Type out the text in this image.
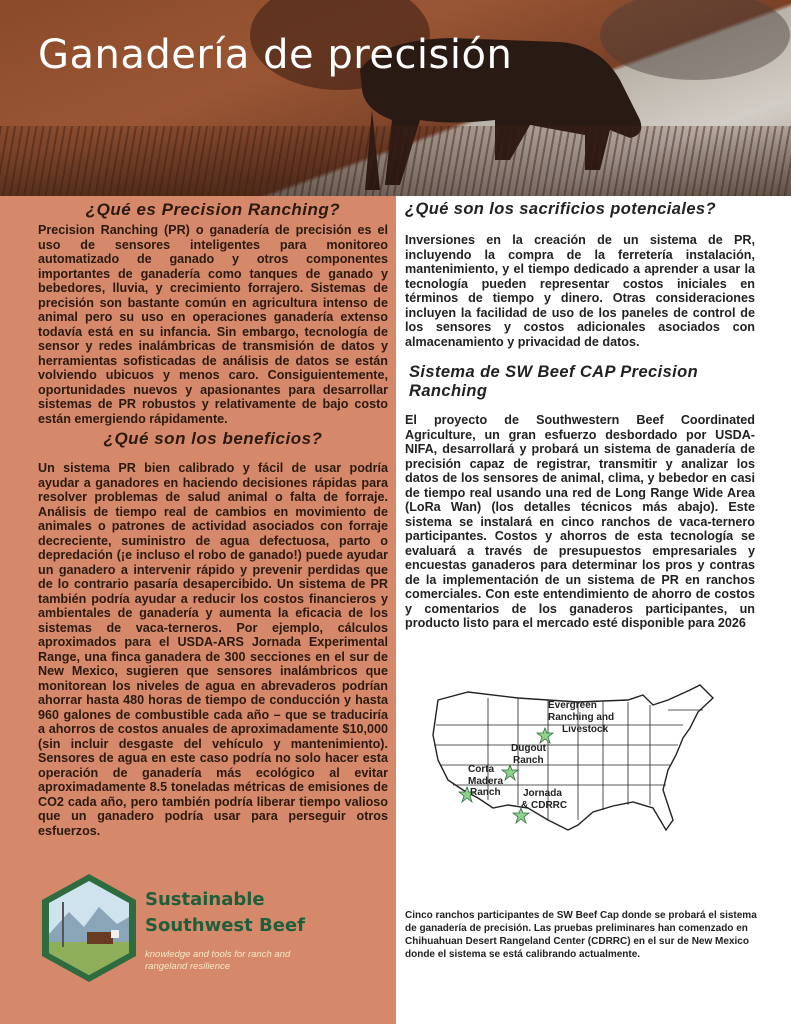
Ganadería de precisión
¿Qué es Precision Ranching?

Precision Ranching (PR) o ganadería de precisión es el uso de sensores inteligentes para monitoreo automatizado de ganado y otros componentes importantes de ganadería como tanques de ganado y bebedores, lluvia, y crecimiento forrajero. Sistemas de precisión son bastante común en agricultura intenso de animal pero su uso en operaciones ganadería extenso todavía está en su infancia. Sin embargo, tecnología de sensor y redes inalámbricas de transmisión de datos y herramientas sofisticadas de análisis de datos se están volviendo ubicuos y menos caro. Consiguientemente, oportunidades nuevos y apasionantes para desarrollar sistemas de PR robustos y relativamente de bajo costo están emergiendo rápidamente.

¿Qué son los beneficios?

Un sistema PR bien calibrado y fácil de usar podría ayudar a ganadores en haciendo decisiones rápidas para resolver problemas de salud animal o falta de forraje. Análisis de tiempo real de cambios en movimiento de animales o patrones de actividad asociados con forraje decreciente, suministro de agua defectuosa, parto o depredación (¡e incluso el robo de ganado!) puede ayudar un ganadero a intervenir rápido y prevenir perdidas que de lo contrario pasaría desapercibido. Un sistema de PR también podría ayudar a reducir los costos financieros y ambientales de ganadería y aumenta la eficacia de los sistemas de vaca-terneros. Por ejemplo, cálculos aproximados para el USDA-ARS Jornada Experimental Range, una finca ganadera de 300 secciones en el sur de New Mexico, sugieren que sensores inalámbricos que monitorean los niveles de agua en abrevaderos podrían ahorrar hasta 480 horas de tiempo de conducción y hasta 960 galones de combustible cada año – que se traduciría a ahorros de costos anuales de aproximadamente $10,000 (sin incluir desgaste del vehículo y mantenimiento). Sensores de agua en este caso podría no solo hacer esta operación de ganadería más ecológico al evitar aproximadamente 8.5 toneladas métricas de emisiones de CO2 cada año, pero también podría liberar tiempo valioso que un ganadero podría usar para perseguir otros esfuerzos.

Sustainable
Southwest Beef
knowledge and tools for ranch and rangeland resilience
¿Qué son los sacrificios potenciales?

Inversiones en la creación de un sistema de PR, incluyendo la compra de la ferretería instalación, mantenimiento, y el tiempo dedicado a aprender a usar la tecnología pueden representar costos iniciales en términos de tiempo y dinero. Otras consideraciones incluyen la facilidad de uso de los paneles de control de los sensores y costos adicionales asociados con almacenamiento y privacidad de datos.

Sistema de SW Beef CAP Precision Ranching

El proyecto de Southwestern Beef Coordinated Agriculture, un gran esfuerzo desbordado por USDA-NIFA, desarrollará y probará un sistema de ganadería de precisión capaz de registrar, transmitir y analizar los datos de los sensores de animal, clima, y bebedor en casi de tiempo real usando una red de Long Range Wide Area (LoRa Wan) (los detalles técnicos más abajo). Este sistema se instalará en cinco ranchos de vaca-ternero participantes. Costos y ahorros de esta tecnología se evaluará a través de presupuestos empresariales y encuestas ganaderos para determinar los pros y contras de la implementación de un sistema de PR en ranchos comerciales. Con este entendimiento de ahorro de costos y comentarios de los ganaderos participantes, un producto listo para el mercado esté disponible para 2026

Evergreen
Ranching and
Livestock
Dugout
Ranch
Corta
Madera
Ranch Jornada
& CDRRC

Cinco ranchos participantes de SW Beef Cap donde se probará el sistema de ganadería de precisión. Las pruebas preliminares han comenzado en Chihuahuan Desert Rangeland Center (CDRRC) en el sur de New Mexico donde el sistema se está calibrando actualmente.
